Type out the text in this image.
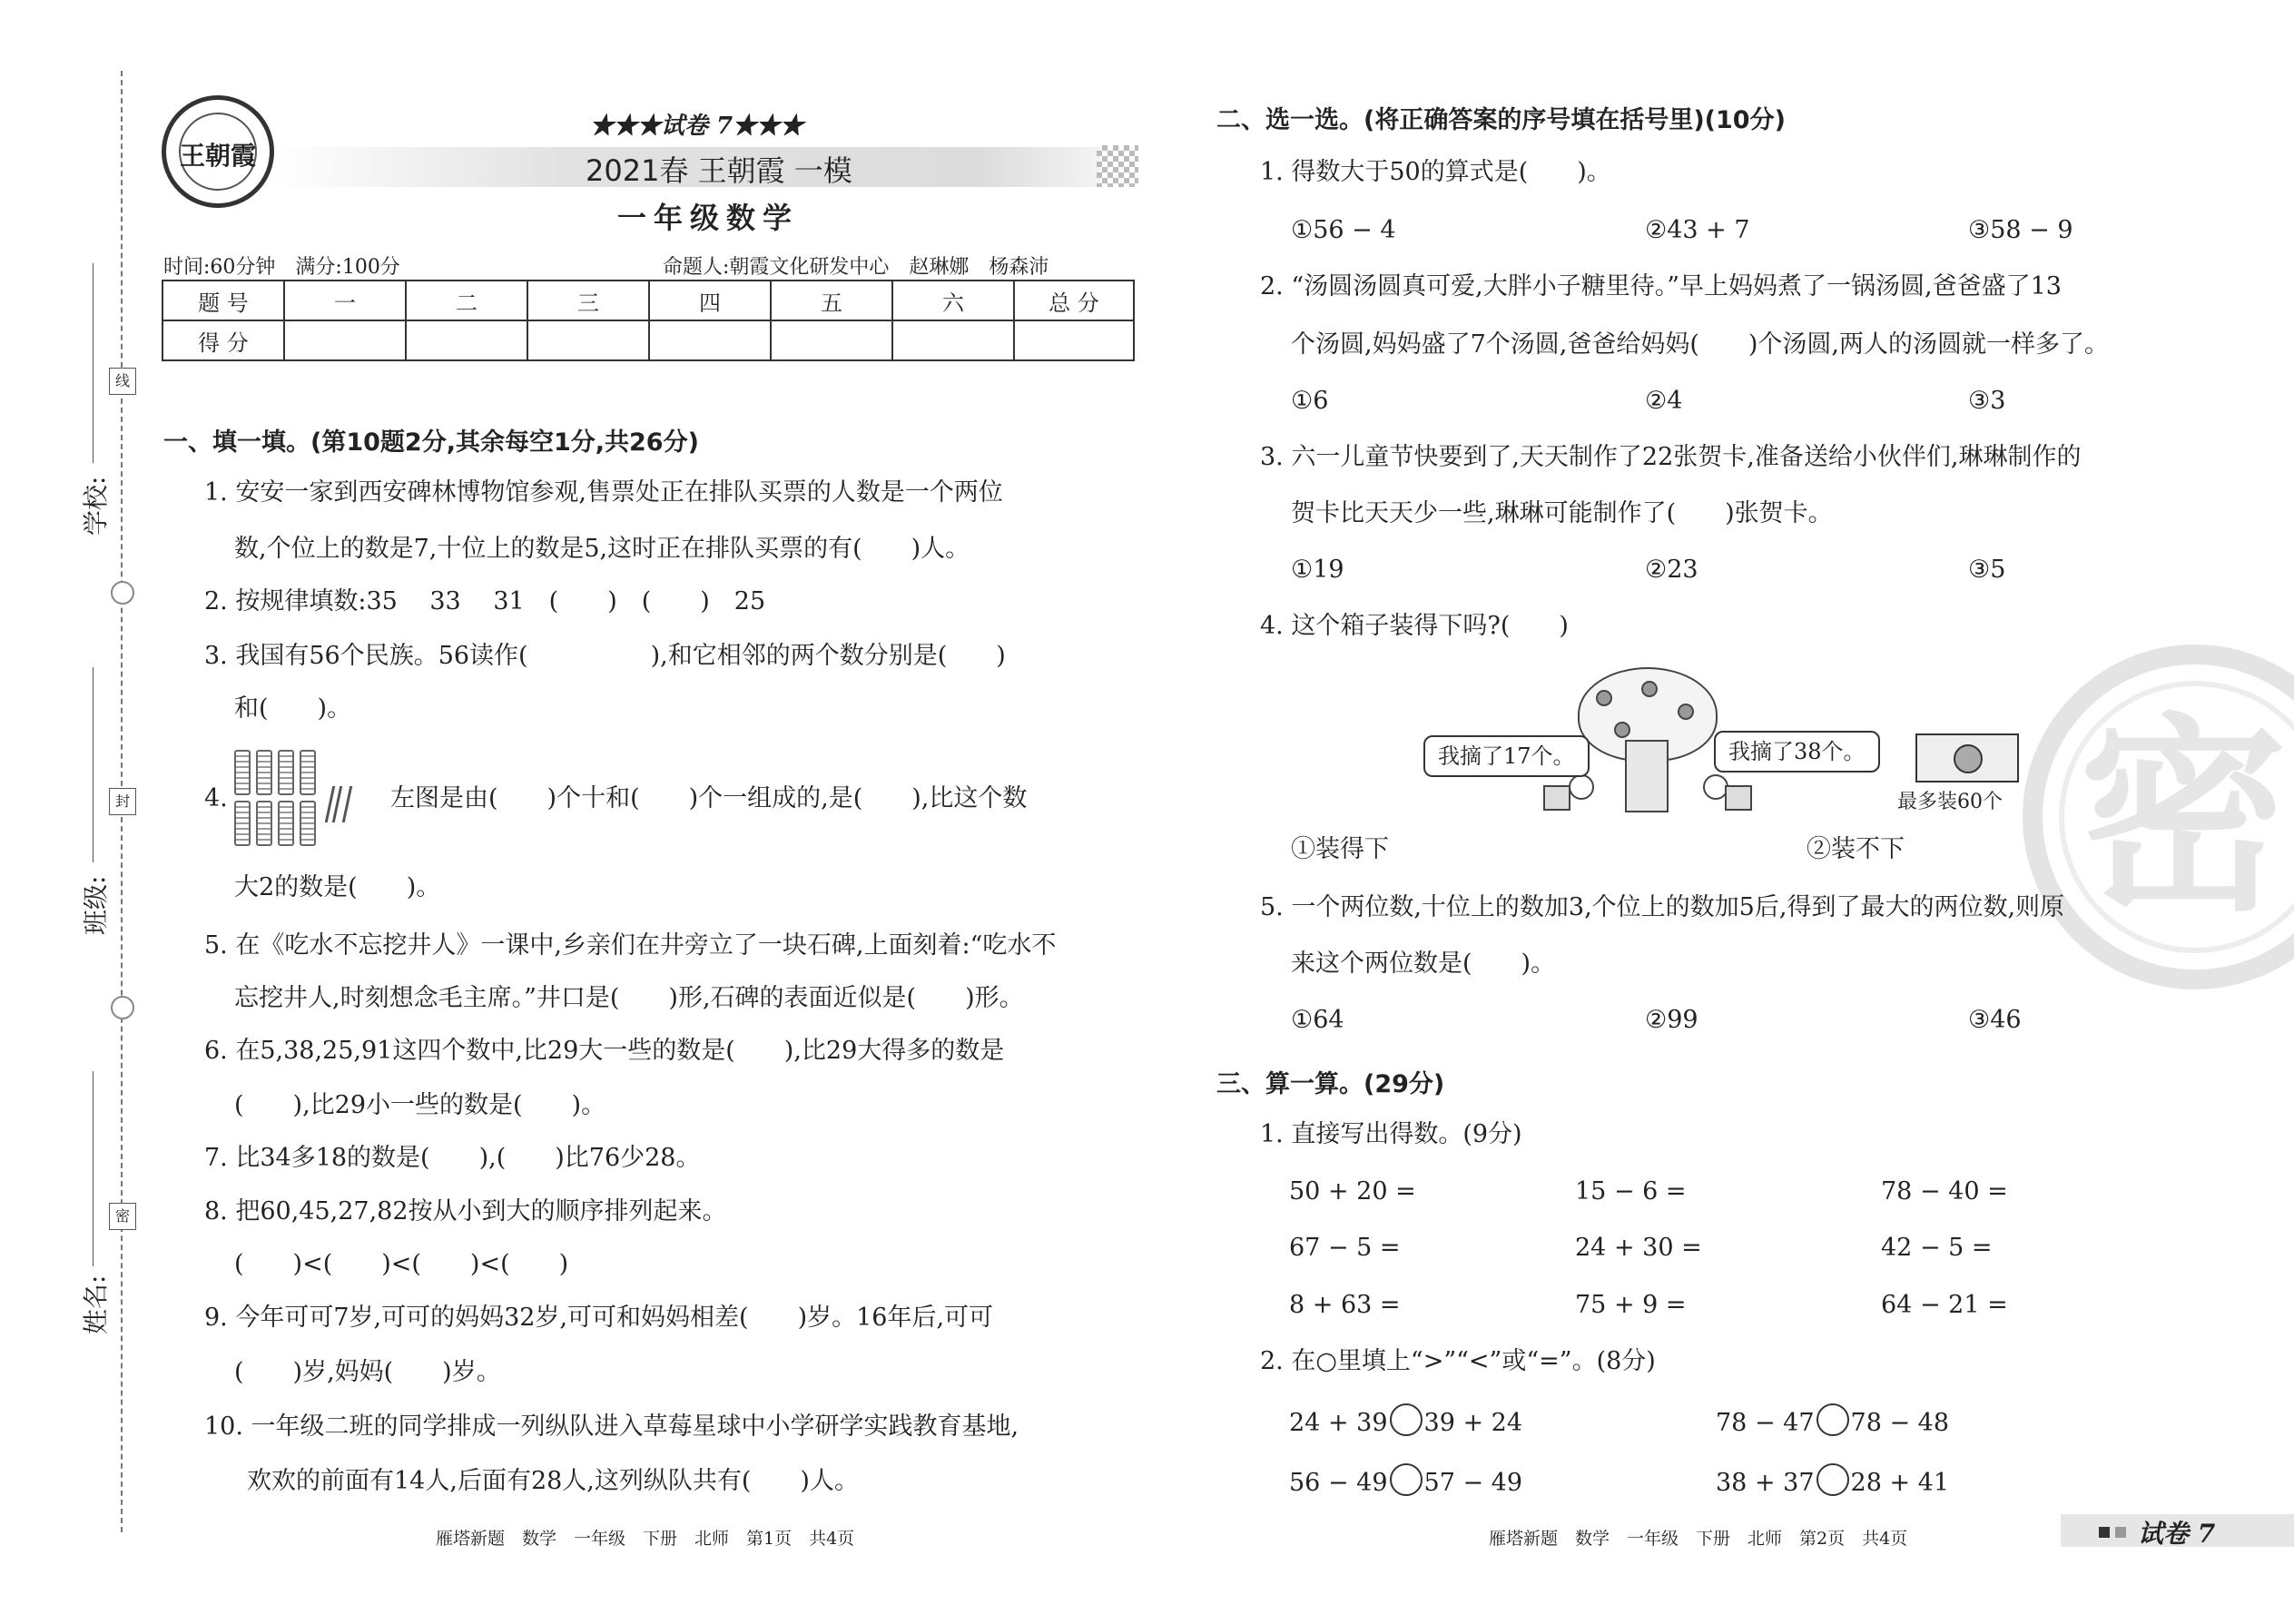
线
封
密
学校:
班级:
姓名:
王朝霞
★★★试卷 7★★★
2021春 王朝霞 一模
一年级数学
时间:60分钟　满分:100分	命题人:朝霞文化研发中心　赵琳娜　杨森沛
题 号	一	二	三	四	五	六	总 分
得 分							
一、填一填。(第10题2分,其余每空1分,共26分)
1. 安安一家到西安碑林博物馆参观,售票处正在排队买票的人数是一个两位
数,个位上的数是7,十位上的数是5,这时正在排队买票的有(　　)人。
2. 按规律填数:35　 33　 31　(　　)　(　　)　25
3. 我国有56个民族。56读作(　　　　　),和它相邻的两个数分别是(　　)
和(　　)。
4.	左图是由(　　)个十和(　　)个一组成的,是(　　),比这个数
大2的数是(　　)。
5. 在《吃水不忘挖井人》一课中,乡亲们在井旁立了一块石碑,上面刻着:“吃水不
忘挖井人,时刻想念毛主席。”井口是(　　)形,石碑的表面近似是(　　)形。
6. 在5,38,25,91这四个数中,比29大一些的数是(　　),比29大得多的数是
(　　),比29小一些的数是(　　)。
7. 比34多18的数是(　　),(　　)比76少28。
8. 把60,45,27,82按从小到大的顺序排列起来。
(　　)<(　　)<(　　)<(　　)
9. 今年可可7岁,可可的妈妈32岁,可可和妈妈相差(　　)岁。16年后,可可
(　　)岁,妈妈(　　)岁。
10. 一年级二班的同学排成一列纵队进入草莓星球中小学研学实践教育基地,
欢欢的前面有14人,后面有28人,这列纵队共有(　　)人。
雁塔新题　数学　一年级　下册　北师　第1页　共4页
密
二、选一选。(将正确答案的序号填在括号里)(10分)
1. 得数大于50的算式是(　　)。
①56 − 4	②43 + 7	③58 − 9
2. “汤圆汤圆真可爱,大胖小子糖里待。”早上妈妈煮了一锅汤圆,爸爸盛了13
个汤圆,妈妈盛了7个汤圆,爸爸给妈妈(　　)个汤圆,两人的汤圆就一样多了。
①6	②4	③3
3. 六一儿童节快要到了,天天制作了22张贺卡,准备送给小伙伴们,琳琳制作的
贺卡比天天少一些,琳琳可能制作了(　　)张贺卡。
①19	②23	③5
4. 这个箱子装得下吗?(　　)
我摘了17个。	我摘了38个。
最多装60个
①装得下	②装不下
5. 一个两位数,十位上的数加3,个位上的数加5后,得到了最大的两位数,则原
来这个两位数是(　　)。
①64	②99	③46
三、算一算。(29分)
1. 直接写出得数。(9分)
50 + 20 =	15 − 6 =	78 − 40 =
67 − 5 =	24 + 30 =	42 − 5 =
8 + 63 =	75 + 9 =	64 − 21 =
2. 在○里填上“>”“<”或“=”。(8分)
24 + 39 39 + 24	78 − 47 78 − 48
56 − 49 57 − 49	38 + 37 28 + 41
雁塔新题　数学　一年级　下册　北师　第2页　共4页	试卷 7
